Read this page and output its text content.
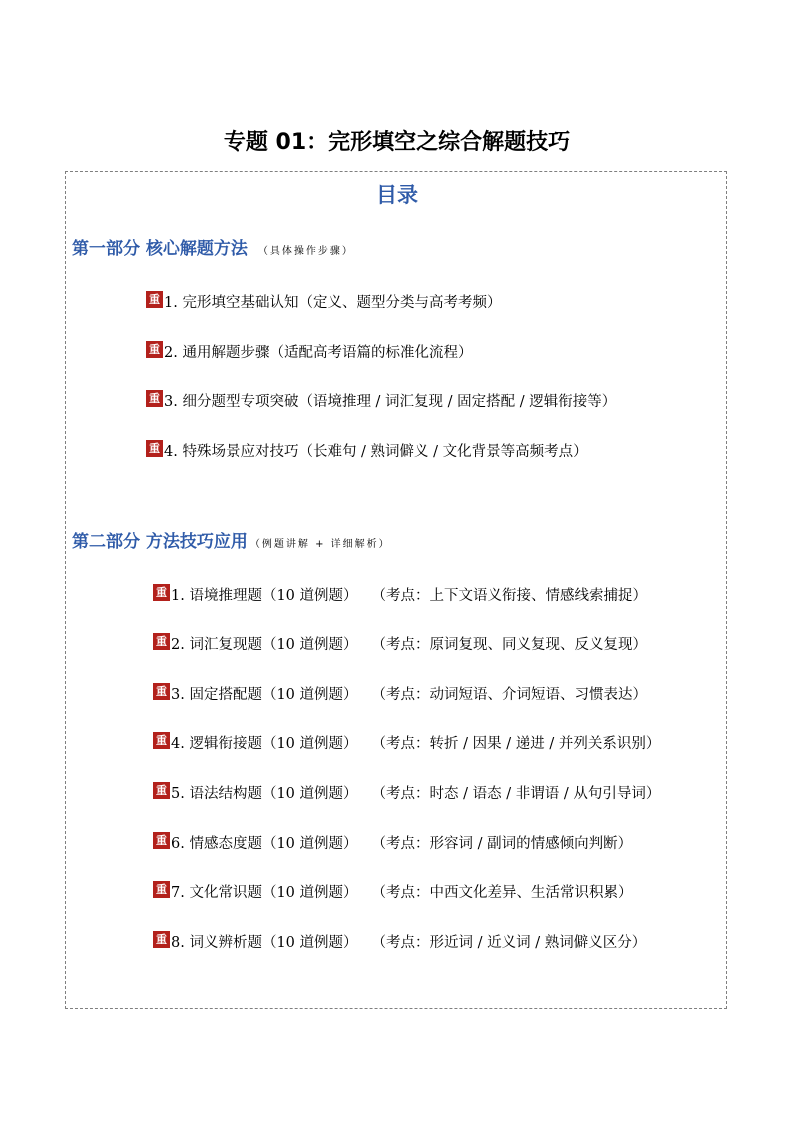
专题 01：完形填空之综合解题技巧
目录
第一部分 核心解题方法 （具体操作步骤）
重 1. 完形填空基础认知（定义、题型分类与高考考频）
重 2. 通用解题步骤（适配高考语篇的标准化流程）
重 3. 细分题型专项突破（语境推理 / 词汇复现 / 固定搭配 / 逻辑衔接等）
重 4. 特殊场景应对技巧（长难句 / 熟词僻义 / 文化背景等高频考点）
第二部分 方法技巧应用 （例题讲解 + 详细解析）
重 1. 语境推理题（10 道例题） （考点：上下文语义衔接、情感线索捕捉）
重 2. 词汇复现题（10 道例题） （考点：原词复现、同义复现、反义复现）
重 3. 固定搭配题（10 道例题） （考点：动词短语、介词短语、习惯表达）
重 4. 逻辑衔接题（10 道例题） （考点：转折 / 因果 / 递进 / 并列关系识别）
重 5. 语法结构题（10 道例题） （考点：时态 / 语态 / 非谓语 / 从句引导词）
重 6. 情感态度题（10 道例题） （考点：形容词 / 副词的情感倾向判断）
重 7. 文化常识题（10 道例题） （考点：中西文化差异、生活常识积累）
重 8. 词义辨析题（10 道例题） （考点：形近词 / 近义词 / 熟词僻义区分）
